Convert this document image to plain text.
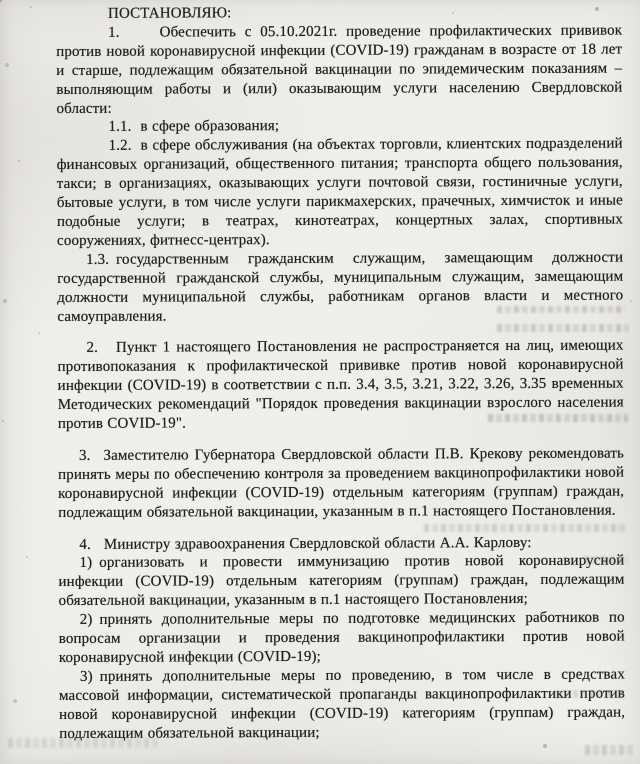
ПОСТАНОВЛЯЮ:

1.	Обеспечить с 05.10.2021г. проведение профилактических прививок против новой коронавирусной инфекции (COVID-19) гражданам в возрасте от 18 лет и старше, подлежащим обязательной вакцинации по эпидемическим показаниям – выполняющим работы и (или) оказывающим услуги населению Свердловской области:

1.1. в сфере образования;

1.2. в сфере обслуживания (на объектах торговли, клиентских подразделений финансовых организаций, общественного питания; транспорта общего пользования, такси; в организациях, оказывающих услуги почтовой связи, гостиничные услуги, бытовые услуги, в том числе услуги парикмахерских, прачечных, химчисток и иные подобные услуги; в театрах, кинотеатрах, концертных залах, спортивных сооружениях, фитнесс-центрах).

1.3. государственным гражданским служащим, замещающим должности государственной гражданской службы, муниципальным служащим, замещающим должности муниципальной службы, работникам органов власти и местного самоуправления.

2. Пункт 1 настоящего Постановления не распространяется на лиц, имеющих противопоказания к профилактической прививке против новой коронавирусной инфекции (COVID-19) в соответствии с п.п. 3.4, 3.5, 3.21, 3.22, 3.26, 3.35 временных Методических рекомендаций "Порядок проведения вакцинации взрослого населения против COVID-19".

3. Заместителю Губернатора Свердловской области П.В. Крекову рекомендовать принять меры по обеспечению контроля за проведением вакцинопрофилактики новой коронавирусной инфекции (COVID-19) отдельным категориям (группам) граждан, подлежащим обязательной вакцинации, указанным в п.1 настоящего Постановления.

4. Министру здравоохранения Свердловской области А.А. Карлову:

1) организовать и провести иммунизацию против новой коронавирусной инфекции (COVID-19) отдельным категориям (группам) граждан, подлежащим обязательной вакцинации, указанным в п.1 настоящего Постановления;

2) принять дополнительные меры по подготовке медицинских работников по вопросам организации и проведения вакцинопрофилактики против новой коронавирусной инфекции (COVID-19);

3) принять дополнительные меры по проведению, в том числе в средствах массовой информации, систематической пропаганды вакцинопрофилактики против новой коронавирусной инфекции (COVID-19) категориям (группам) граждан, подлежащим обязательной вакцинации;
